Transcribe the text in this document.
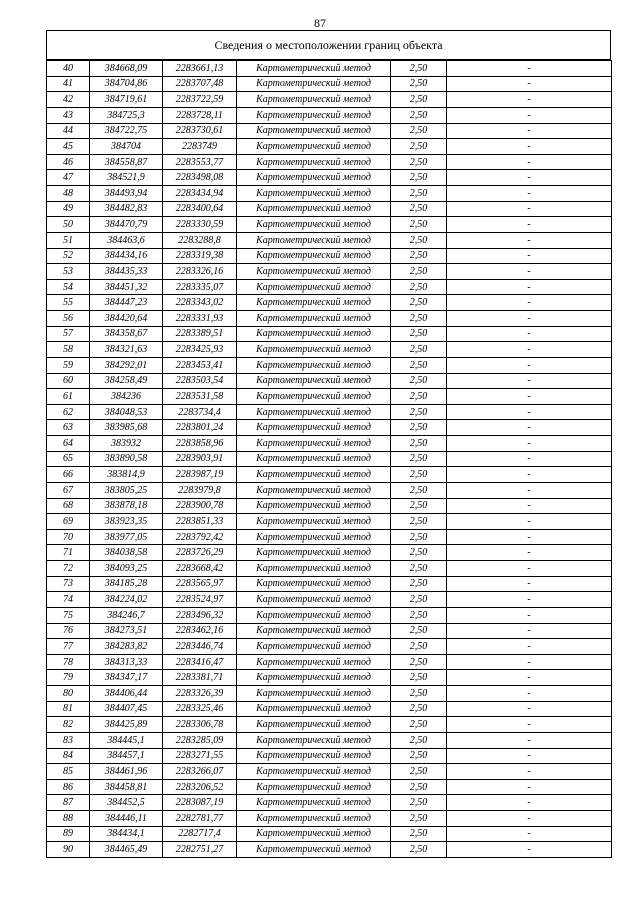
87
Сведения о местоположении границ объекта
40	384668,09	2283661,13	Картометрический метод	2,50	-
41	384704,86	2283707,48	Картометрический метод	2,50	-
42	384719,61	2283722,59	Картометрический метод	2,50	-
43	384725,3	2283728,11	Картометрический метод	2,50	-
44	384722,75	2283730,61	Картометрический метод	2,50	-
45	384704	2283749	Картометрический метод	2,50	-
46	384558,87	2283553,77	Картометрический метод	2,50	-
47	384521,9	2283498,08	Картометрический метод	2,50	-
48	384493,94	2283434,94	Картометрический метод	2,50	-
49	384482,83	2283400,64	Картометрический метод	2,50	-
50	384470,79	2283330,59	Картометрический метод	2,50	-
51	384463,6	2283288,8	Картометрический метод	2,50	-
52	384434,16	2283319,38	Картометрический метод	2,50	-
53	384435,33	2283326,16	Картометрический метод	2,50	-
54	384451,32	2283335,07	Картометрический метод	2,50	-
55	384447,23	2283343,02	Картометрический метод	2,50	-
56	384420,64	2283331,93	Картометрический метод	2,50	-
57	384358,67	2283389,51	Картометрический метод	2,50	-
58	384321,63	2283425,93	Картометрический метод	2,50	-
59	384292,01	2283453,41	Картометрический метод	2,50	-
60	384258,49	2283503,54	Картометрический метод	2,50	-
61	384236	2283531,58	Картометрический метод	2,50	-
62	384048,53	2283734,4	Картометрический метод	2,50	-
63	383985,68	2283801,24	Картометрический метод	2,50	-
64	383932	2283858,96	Картометрический метод	2,50	-
65	383890,58	2283903,91	Картометрический метод	2,50	-
66	383814,9	2283987,19	Картометрический метод	2,50	-
67	383805,25	2283979,8	Картометрический метод	2,50	-
68	383878,18	2283900,78	Картометрический метод	2,50	-
69	383923,35	2283851,33	Картометрический метод	2,50	-
70	383977,05	2283792,42	Картометрический метод	2,50	-
71	384038,58	2283726,29	Картометрический метод	2,50	-
72	384093,25	2283668,42	Картометрический метод	2,50	-
73	384185,28	2283565,97	Картометрический метод	2,50	-
74	384224,02	2283524,97	Картометрический метод	2,50	-
75	384246,7	2283496,32	Картометрический метод	2,50	-
76	384273,51	2283462,16	Картометрический метод	2,50	-
77	384283,82	2283446,74	Картометрический метод	2,50	-
78	384313,33	2283416,47	Картометрический метод	2,50	-
79	384347,17	2283381,71	Картометрический метод	2,50	-
80	384406,44	2283326,39	Картометрический метод	2,50	-
81	384407,45	2283325,46	Картометрический метод	2,50	-
82	384425,89	2283306,78	Картометрический метод	2,50	-
83	384445,1	2283285,09	Картометрический метод	2,50	-
84	384457,1	2283271,55	Картометрический метод	2,50	-
85	384461,96	2283266,07	Картометрический метод	2,50	-
86	384458,81	2283206,52	Картометрический метод	2,50	-
87	384452,5	2283087,19	Картометрический метод	2,50	-
88	384446,11	2282781,77	Картометрический метод	2,50	-
89	384434,1	2282717,4	Картометрический метод	2,50	-
90	384465,49	2282751,27	Картометрический метод	2,50	-
